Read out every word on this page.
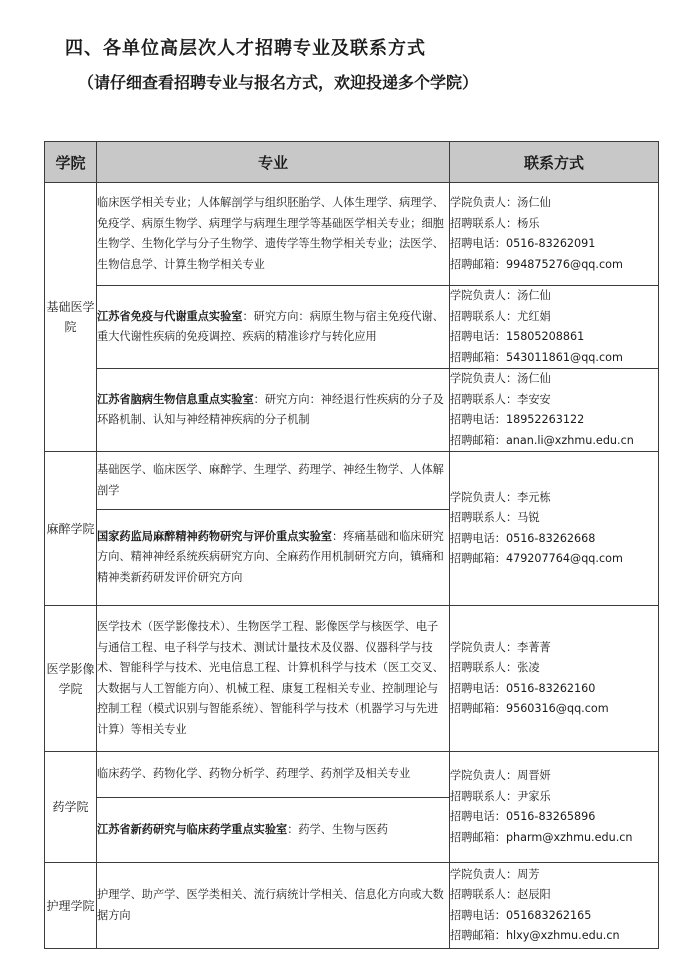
四、各单位高层次人才招聘专业及联系方式
（请仔细查看招聘专业与报名方式，欢迎投递多个学院）
学院	专业	联系方式
基础医学院	临床医学相关专业；人体解剖学与组织胚胎学、人体生理学、病理学、免疫学、病原生物学、病理学与病理生理学等基础医学相关专业；细胞生物学、生物化学与分子生物学、遗传学等生物学相关专业；法医学、生物信息学、计算生物学相关专业	学院负责人：汤仁仙
招聘联系人：杨乐
招聘电话：0516-83262091
招聘邮箱：994875276@qq.com

	江苏省免疫与代谢重点实验室：研究方向：病原生物与宿主免疫代谢、重大代谢性疾病的免疫调控、疾病的精准诊疗与转化应用	学院负责人：汤仁仙
招聘联系人：尤红娟
招聘电话：15805208861
招聘邮箱：543011861@qq.com

	江苏省脑病生物信息重点实验室：研究方向：神经退行性疾病的分子及环路机制、认知与神经精神疾病的分子机制	学院负责人：汤仁仙
招聘联系人：李安安
招聘电话：18952263122
招聘邮箱：anan.li@xzhmu.edu.cn

麻醉学院	基础医学、临床医学、麻醉学、生理学、药理学、神经生物学、人体解剖学	学院负责人：李元栋
招聘联系人：马锐
招聘电话：0516-83262668
招聘邮箱：479207764@qq.com

	国家药监局麻醉精神药物研究与评价重点实验室：疼痛基础和临床研究方向、精神神经系统疾病研究方向、全麻药作用机制研究方向，镇痛和精神类新药研发评价研究方向	
医学影像学院	医学技术（医学影像技术）、生物医学工程、影像医学与核医学、电子与通信工程、电子科学与技术、测试计量技术及仪器、仪器科学与技术、智能科学与技术、光电信息工程、计算机科学与技术（医工交叉、大数据与人工智能方向）、机械工程、康复工程相关专业、控制理论与控制工程（模式识别与智能系统）、智能科学与技术（机器学习与先进计算）等相关专业	学院负责人：李菁菁
招聘联系人：张凌
招聘电话：0516-83262160
招聘邮箱：9560316@qq.com

药学院	临床药学、药物化学、药物分析学、药理学、药剂学及相关专业	学院负责人：周晋妍
招聘联系人：尹家乐
招聘电话：0516-83265896
招聘邮箱：pharm@xzhmu.edu.cn

	江苏省新药研究与临床药学重点实验室：药学、生物与医药	
护理学院	护理学、助产学、医学类相关、流行病统计学相关、信息化方向或大数据方向	学院负责人：周芳
招聘联系人：赵辰阳
招聘电话：05168326​2165
招聘邮箱：hlxy@xzhmu.edu.cn
